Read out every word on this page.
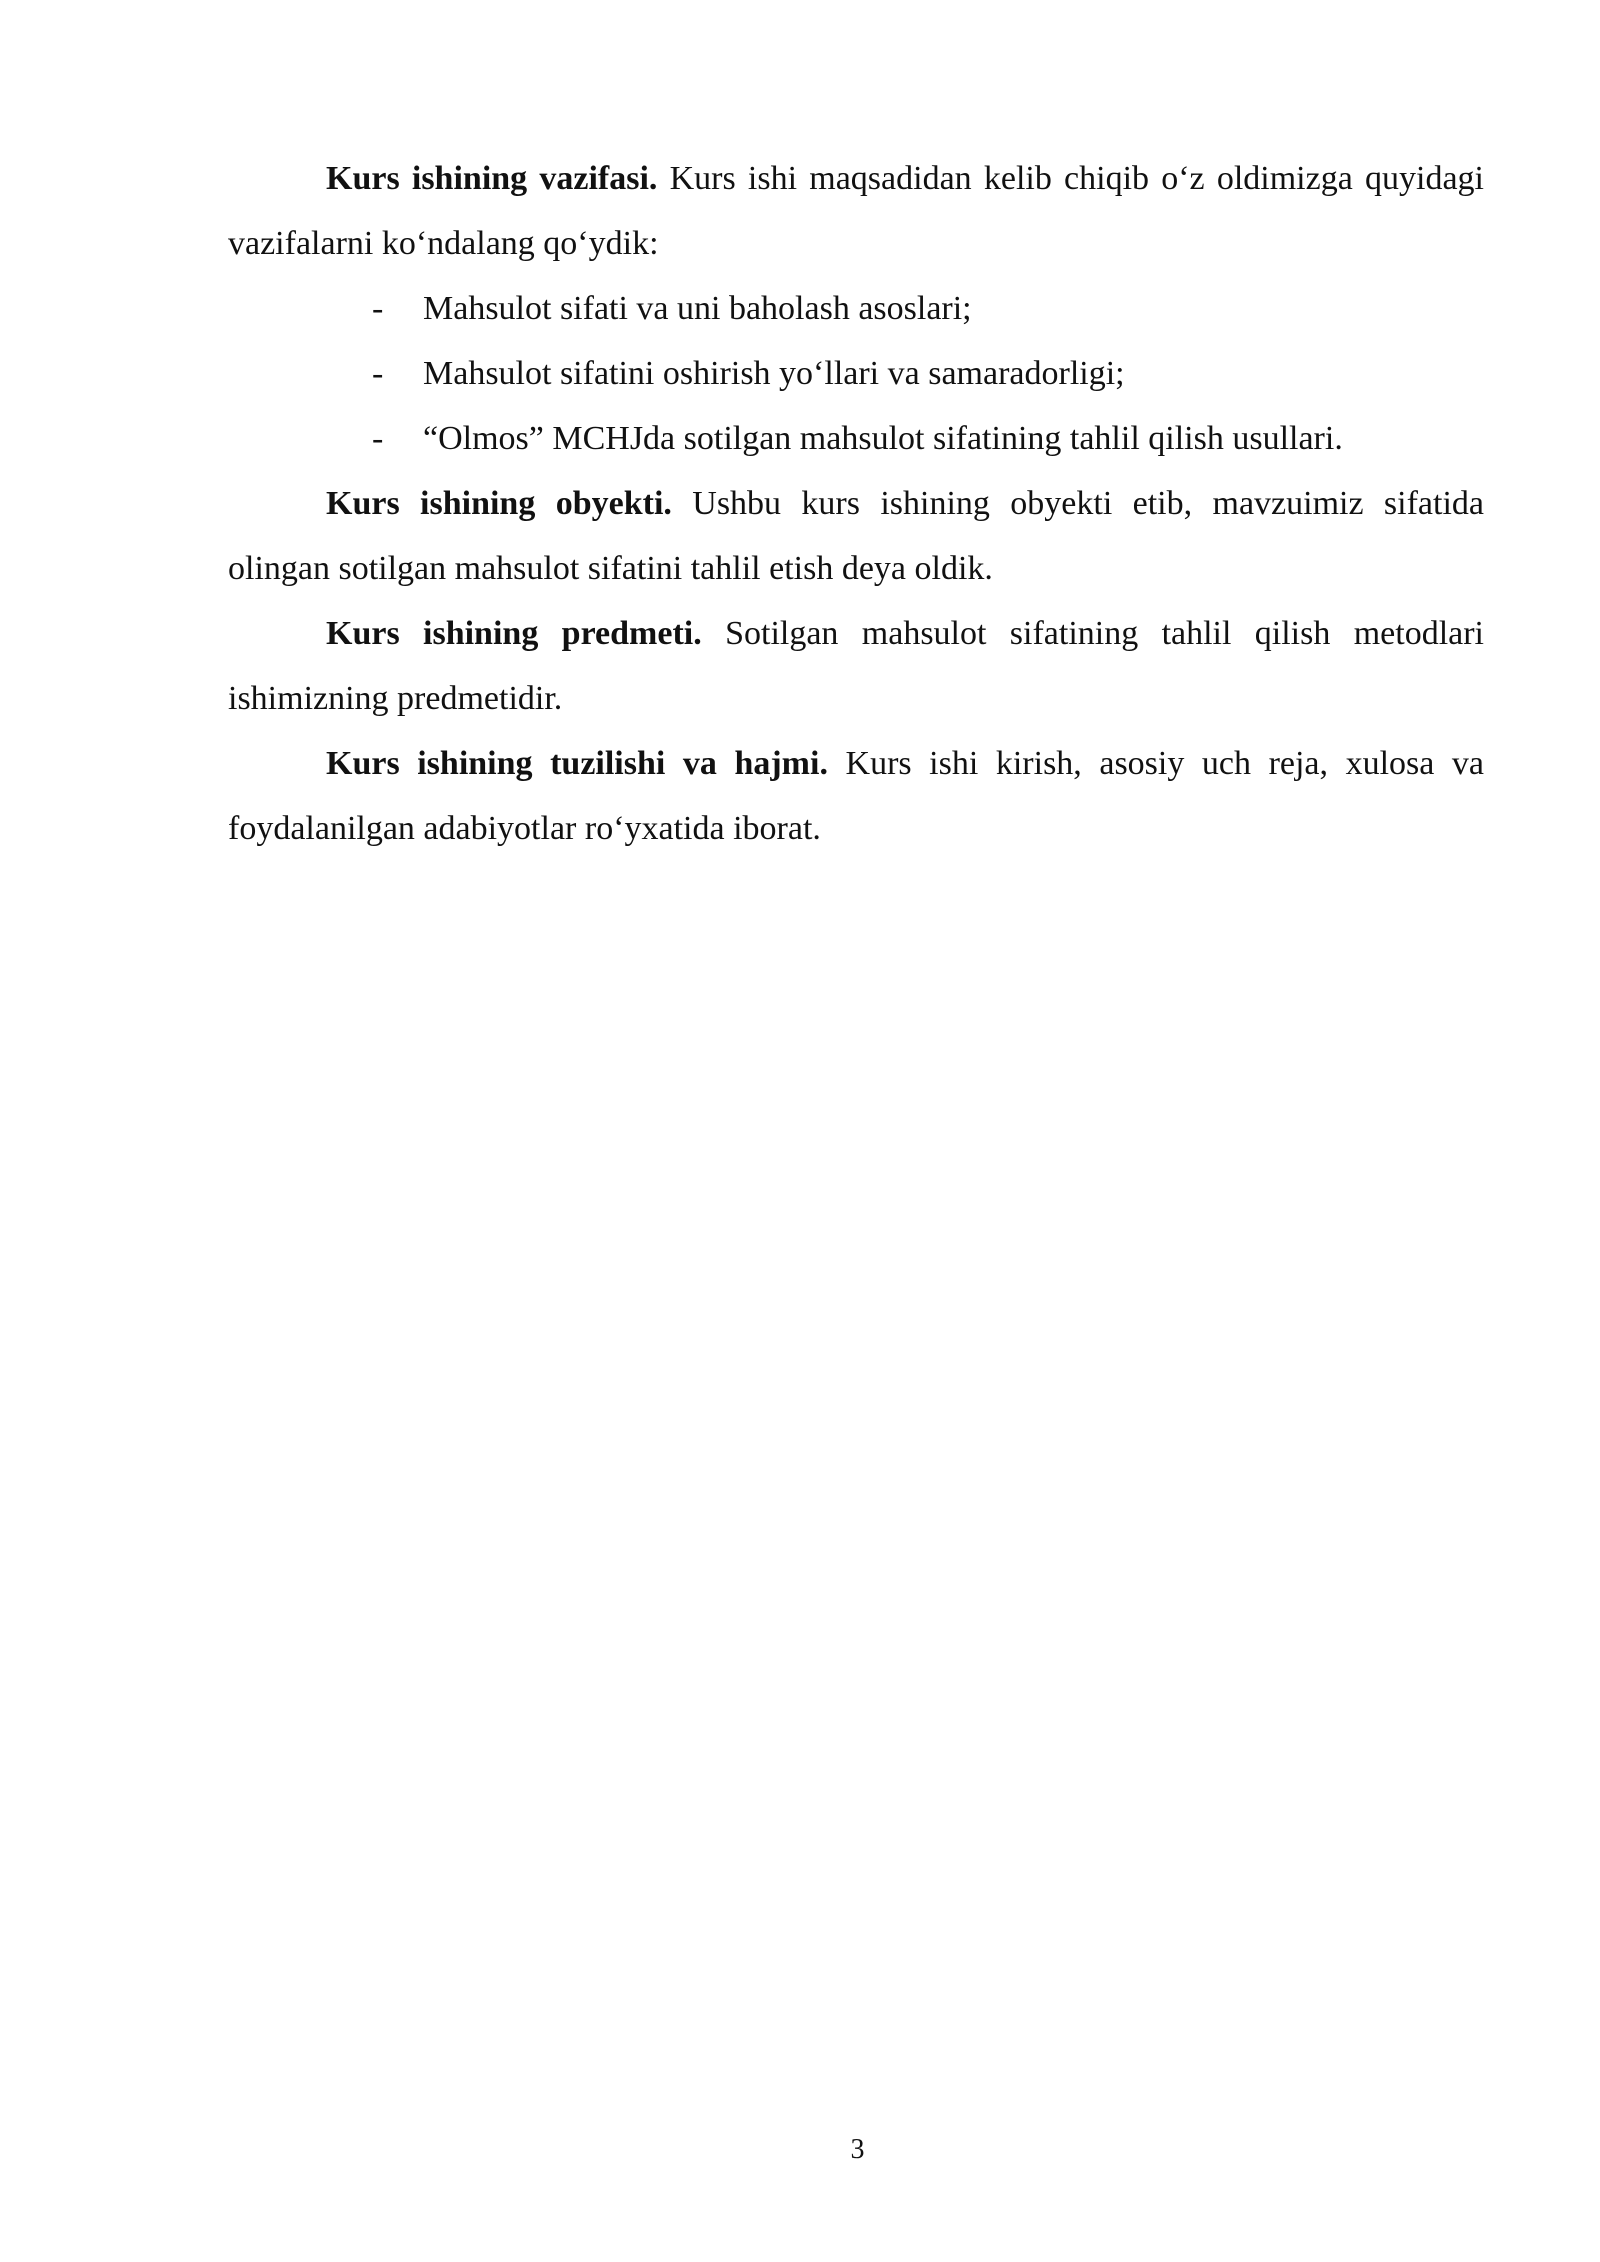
Kurs ishining vazifasi. Kurs ishi maqsadidan kelib chiqib o‘z oldimizga quyidagi vazifalarni ko‘ndalang qo‘ydik:

- Mahsulot sifati va uni baholash asoslari;
- Mahsulot sifatini oshirish yo‘llari va samaradorligi;
- “Olmos” MCHJda sotilgan mahsulot sifatining tahlil qilish usullari.

Kurs ishining obyekti. Ushbu kurs ishining obyekti etib, mavzuimiz sifatida olingan sotilgan mahsulot sifatini tahlil etish deya oldik.

Kurs ishining predmeti. Sotilgan mahsulot sifatining tahlil qilish metodlari ishimizning predmetidir.

Kurs ishining tuzilishi va hajmi. Kurs ishi kirish, asosiy uch reja, xulosa va foydalanilgan adabiyotlar ro‘yxatida iborat.

3
